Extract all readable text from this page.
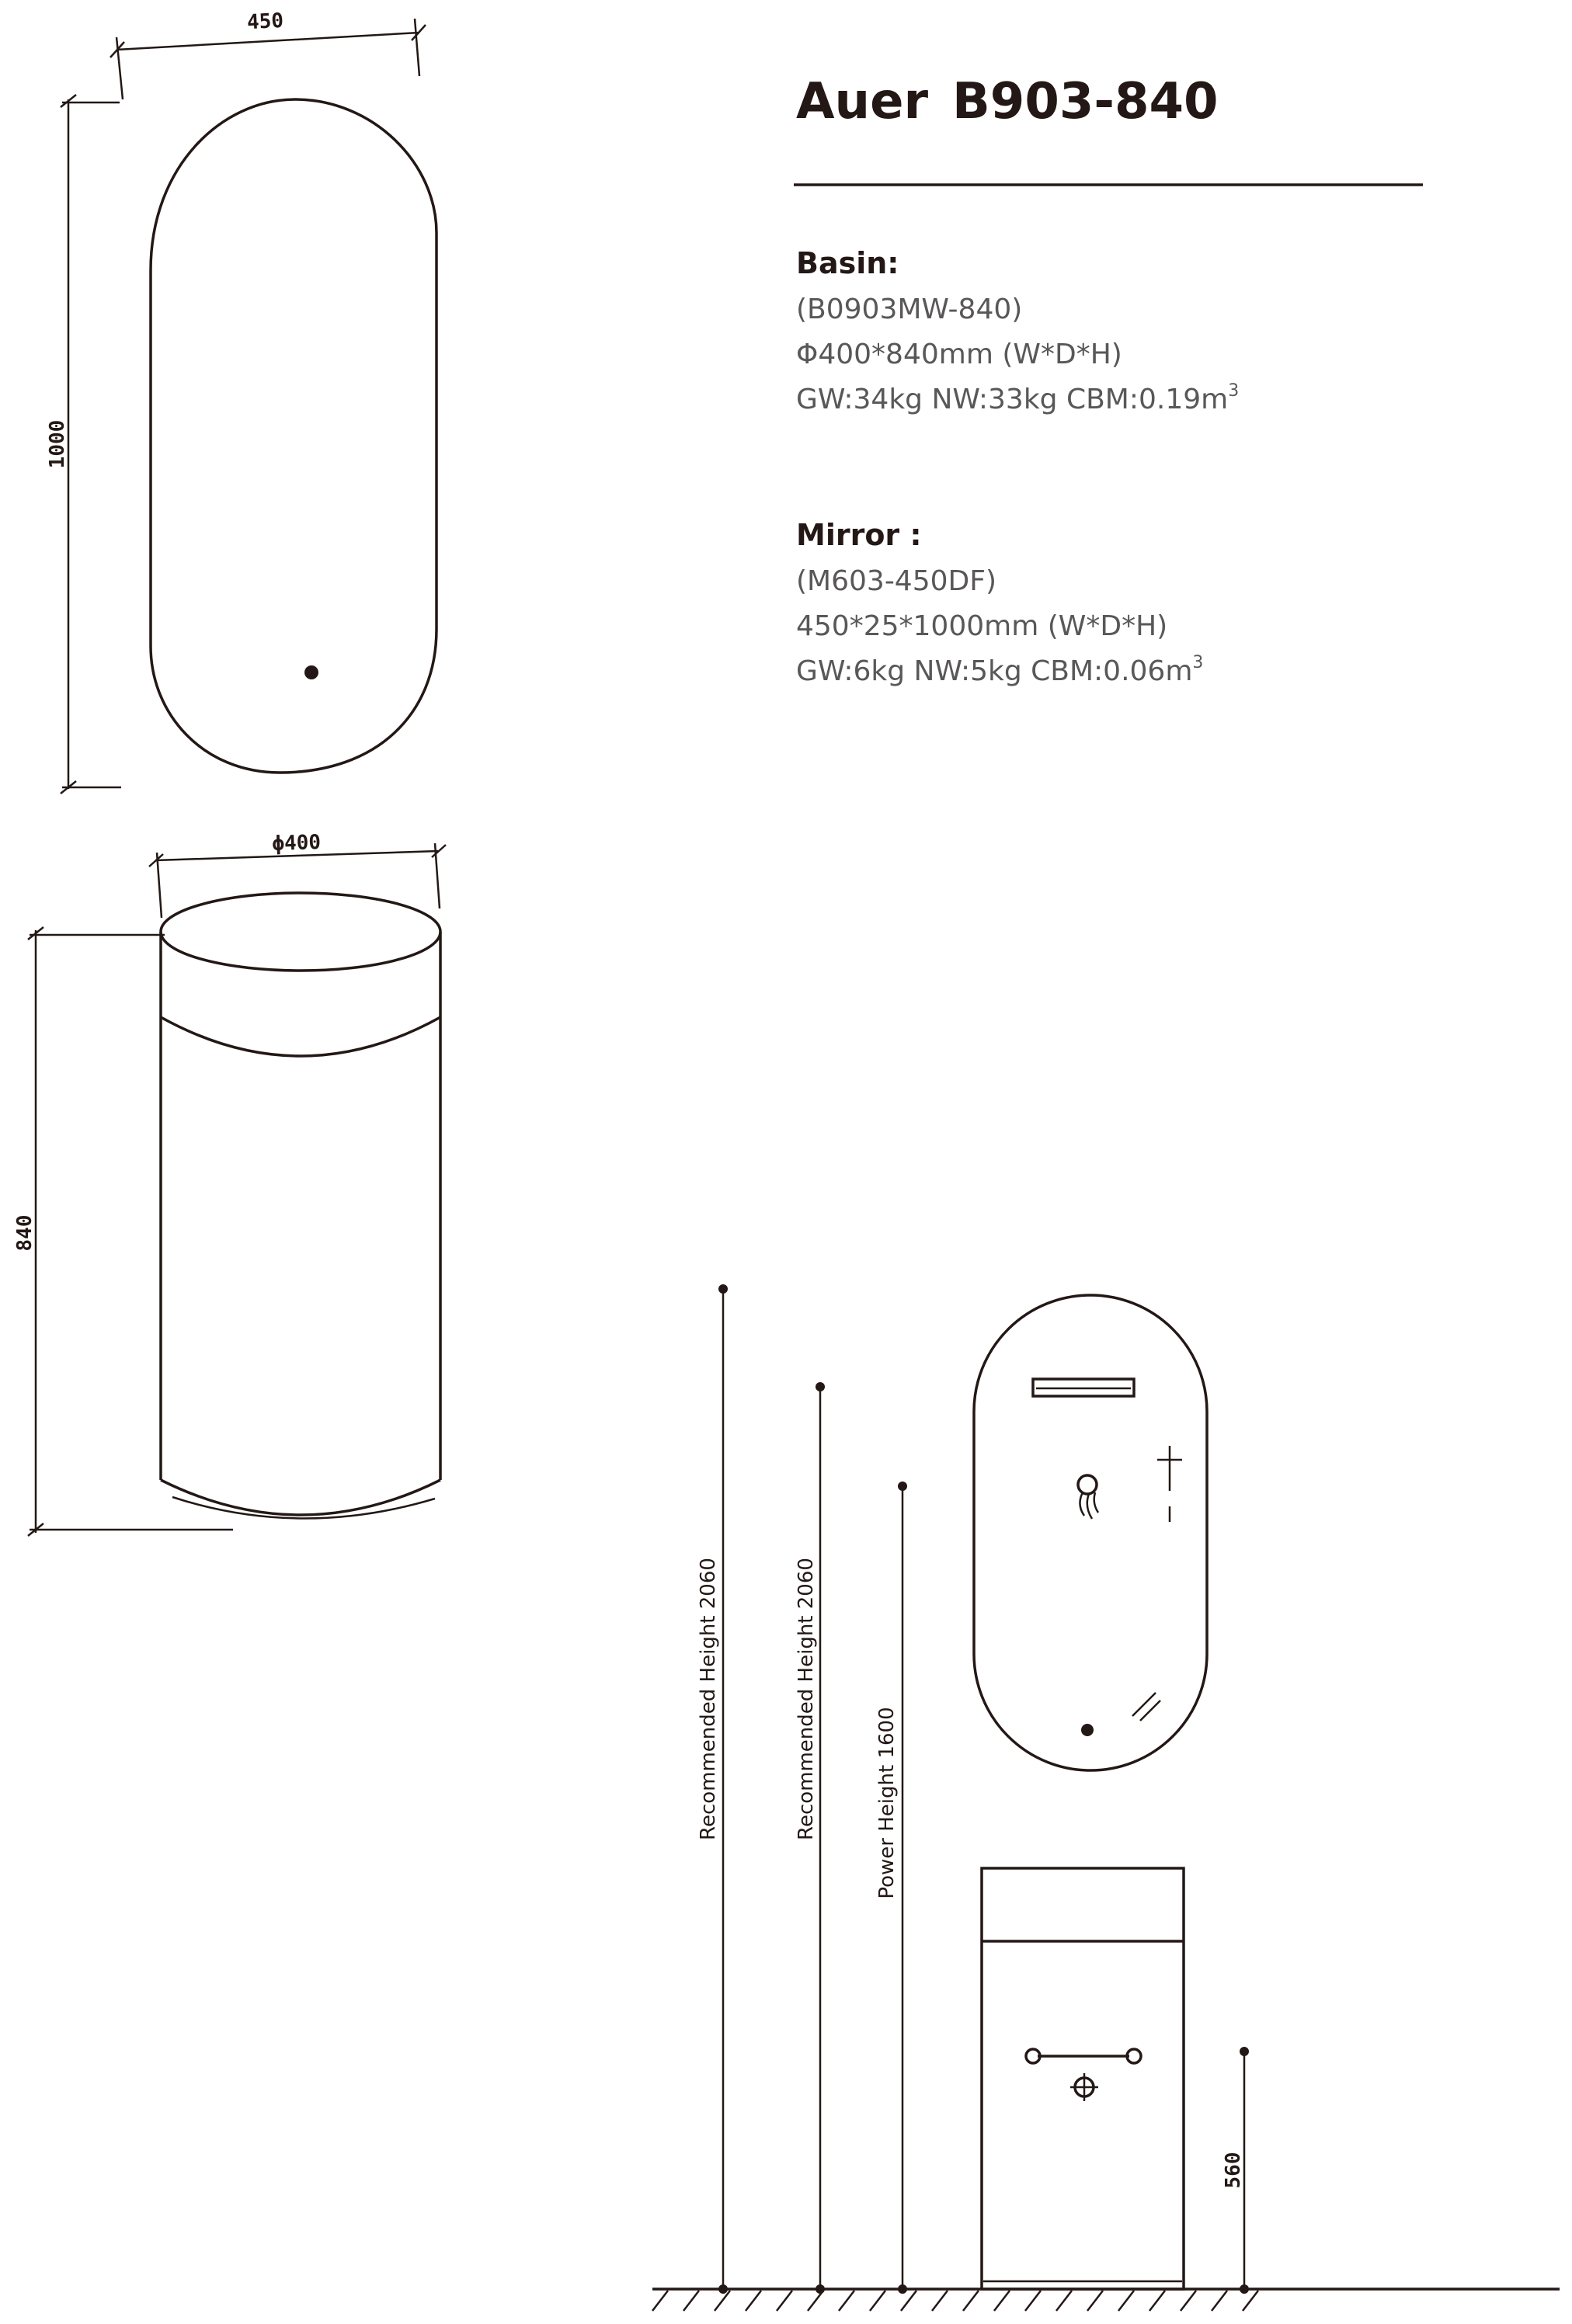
Auer B903-840
Basin:
(B0903MW-840)
Φ400*840mm (W*D*H)
GW:34kg NW:33kg $CBM:0.19m^3$
Mirror :
(M603-450DF)
450*25*1000mm (W*D*H)
GW:6kg NW:5kg $CBM:0.06m^3$
450
1000
ϕ400
840
Recommended Height 2060	Recommended Height 2060	Power Height 1600
560
